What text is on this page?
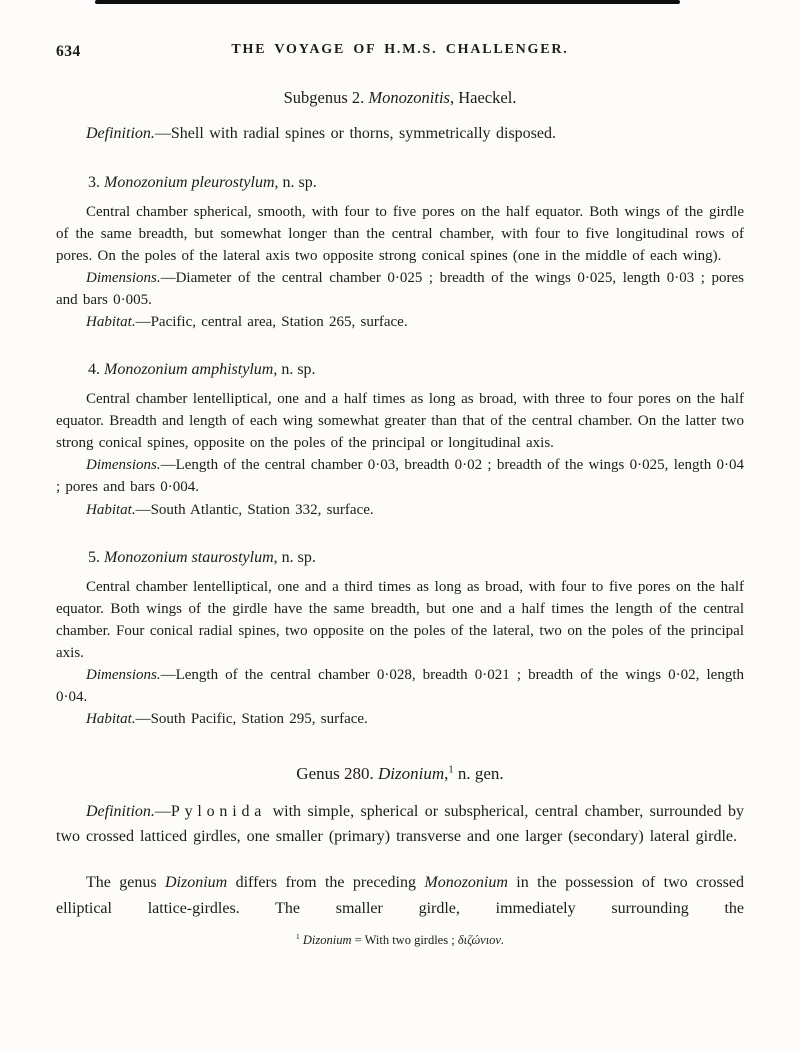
634	THE VOYAGE OF H.M.S. CHALLENGER.
Subgenus 2. Monozonitis, Haeckel.

Definition.—Shell with radial spines or thorns, symmetrically disposed.

3. Monozonium pleurostylum, n. sp.

Central chamber spherical, smooth, with four to five pores on the half equator. Both wings of the girdle of the same breadth, but somewhat longer than the central chamber, with four to five longitudinal rows of pores. On the poles of the lateral axis two opposite strong conical spines (one in the middle of each wing).

Dimensions.—Diameter of the central chamber 0·025 ; breadth of the wings 0·025, length 0·03 ; pores and bars 0·005.

Habitat.—Pacific, central area, Station 265, surface.

4. Monozonium amphistylum, n. sp.

Central chamber lentelliptical, one and a half times as long as broad, with three to four pores on the half equator. Breadth and length of each wing somewhat greater than that of the central chamber. On the latter two strong conical spines, opposite on the poles of the principal or longitudinal axis.

Dimensions.—Length of the central chamber 0·03, breadth 0·02 ; breadth of the wings 0·025, length 0·04 ; pores and bars 0·004.

Habitat.—South Atlantic, Station 332, surface.

5. Monozonium staurostylum, n. sp.

Central chamber lentelliptical, one and a third times as long as broad, with four to five pores on the half equator. Both wings of the girdle have the same breadth, but one and a half times the length of the central chamber. Four conical radial spines, two opposite on the poles of the lateral, two on the poles of the principal axis.

Dimensions.—Length of the central chamber 0·028, breadth 0·021 ; breadth of the wings 0·02, length 0·04.

Habitat.—South Pacific, Station 295, surface.

Genus 280. Dizonium,$^1$ n. gen.

Definition.—Pylonida with simple, spherical or subspherical, central chamber, surrounded by two crossed latticed girdles, one smaller (primary) transverse and one larger (secondary) lateral girdle.

The genus Dizonium differs from the preceding Monozonium in the possession of two crossed elliptical lattice-girdles. The smaller girdle, immediately surrounding the

$^1$ Dizonium = With two girdles ; διζώνιον.
